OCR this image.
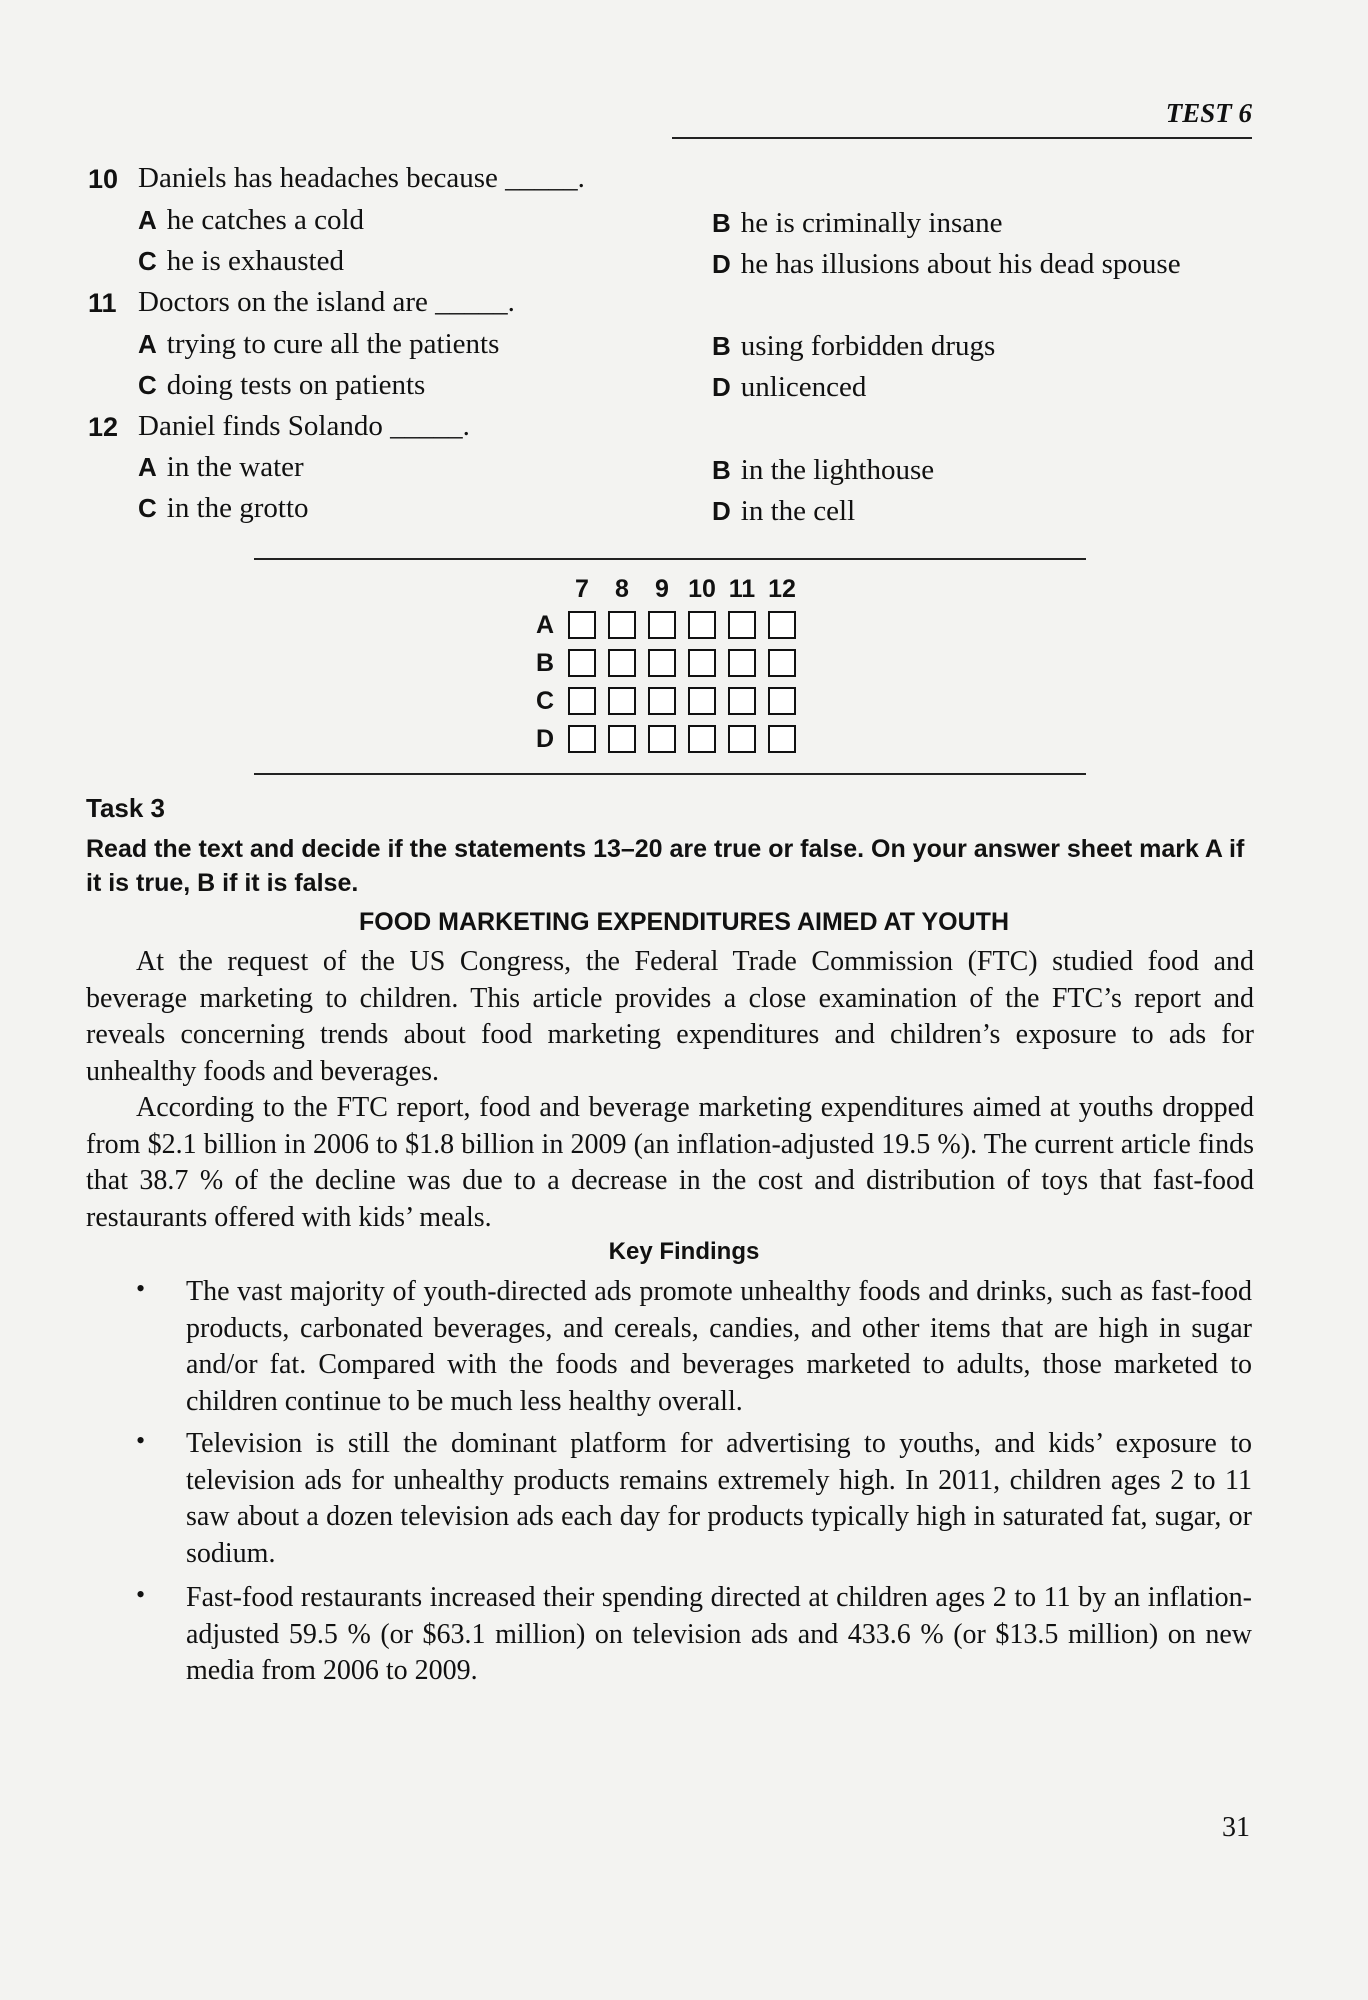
TEST 6
10 Daniels has headaches because _____.
A he catches a cold	B he is criminally insane
C he is exhausted	D he has illusions about his dead spouse
11 Doctors on the island are _____.
A trying to cure all the patients	B using forbidden drugs
C doing tests on patients	D unlicenced
12 Daniel finds Solando _____.
A in the water	B in the lighthouse
C in the grotto	D in the cell
7	8	9 10 11 12
A
B
C
D
Task 3
Read the text and decide if the statements 13–20 are true or false. On your answer sheet mark A if it is true, B if it is false.
FOOD MARKETING EXPENDITURES AIMED AT YOUTH
At the request of the US Congress, the Federal Trade Commission (FTC) studied food and beverage marketing to children. This article provides a close examination of the FTC’s report and reveals concerning trends about food marketing expenditures and children’s exposure to ads for unhealthy foods and beverages.
According to the FTC report, food and beverage marketing expenditures aimed at youths dropped from $2.1 billion in 2006 to $1.8 billion in 2009 (an inflation-adjusted 19.5 %). The current article finds that 38.7 % of the decline was due to a decrease in the cost and distribution of toys that fast-food restaurants offered with kids’ meals.
Key Findings
• The vast majority of youth-directed ads promote unhealthy foods and drinks, such as fast-food products, carbonated beverages, and cereals, candies, and other items that are high in sugar and/or fat. Compared with the foods and beverages marketed to adults, those marketed to children continue to be much less healthy overall.
• Television is still the dominant platform for advertising to youths, and kids’ exposure to television ads for unhealthy products remains extremely high. In 2011, children ages 2 to 11 saw about a dozen television ads each day for products typically high in saturated fat, sugar, or sodium.
• Fast-food restaurants increased their spending directed at children ages 2 to 11 by an inflation-adjusted 59.5 % (or $63.1 million) on television ads and 433.6 % (or $13.5 million) on new media from 2006 to 2009.
31
